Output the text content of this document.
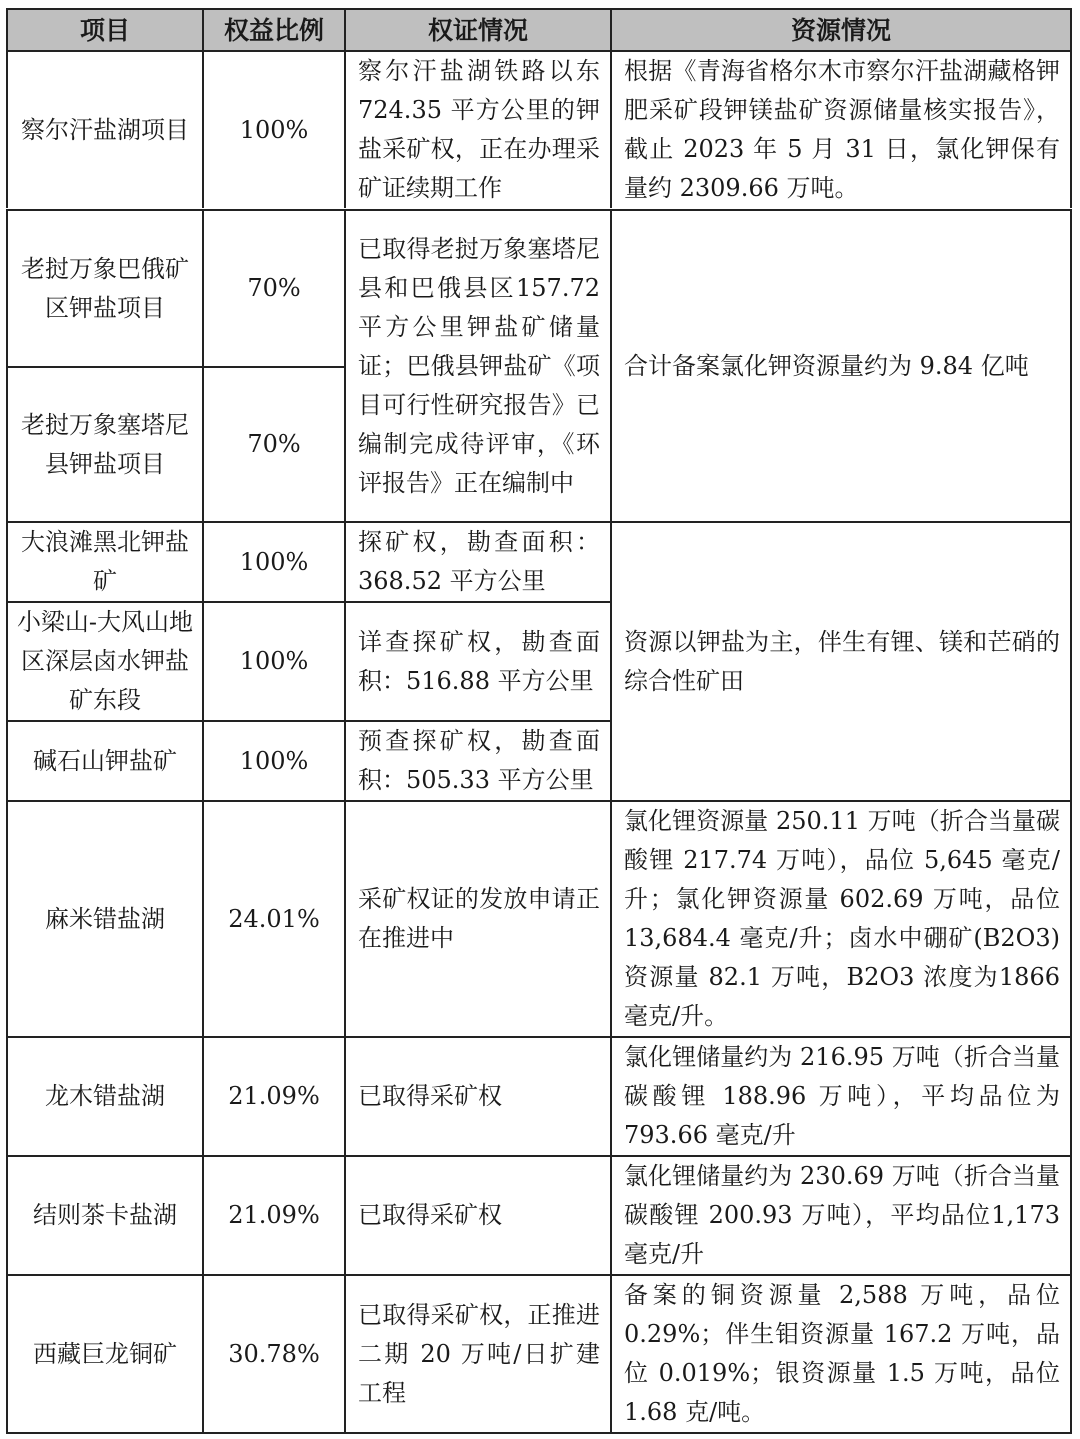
项目	权益比例	权证情况	资源情况
察尔汗盐湖项目	100%	察尔汗盐湖铁路以东724.35 平方公里的钾盐采矿权，正在办理采矿证续期工作	根据《青海省格尔木市察尔汗盐湖藏格钾肥采矿段钾镁盐矿资源储量核实报告》，截止 2023 年 5 月 31 日，氯化钾保有量约 2309.66 万吨。
老挝万象巴俄矿区钾盐项目	70%	已取得老挝万象塞塔尼县和巴俄县区157.72 平方公里钾盐矿储量证；巴俄县钾盐矿《项目可行性研究报告》已编制完成待评审，《环评报告》正在编制中	合计备案氯化钾资源量约为 9.84 亿吨
老挝万象塞塔尼县钾盐项目	70%		
大浪滩黑北钾盐矿	100%	探矿权，勘查面积：368.52 平方公里	资源以钾盐为主，伴生有锂、镁和芒硝的综合性矿田
小梁山-大风山地区深层卤水钾盐矿东段	100%	详查探矿权，勘查面积：516.88 平方公里	
碱石山钾盐矿	100%	预查探矿权，勘查面积：505.33 平方公里	
麻米错盐湖	24.01%	采矿权证的发放申请正在推进中	氯化锂资源量 250.11 万吨（折合当量碳酸锂 217.74 万吨），品位 5,645 毫克/升；氯化钾资源量 602.69 万吨，品位 13,684.4 毫克/升；卤水中硼矿(B2O3)资源量 82.1 万吨，B2O3 浓度为1866 毫克/升。
龙木错盐湖	21.09%	已取得采矿权	氯化锂储量约为 216.95 万吨（折合当量碳酸锂 188.96 万吨），平均品位为793.66 毫克/升
结则茶卡盐湖	21.09%	已取得采矿权	氯化锂储量约为 230.69 万吨（折合当量碳酸锂 200.93 万吨），平均品位1,173 毫克/升
西藏巨龙铜矿	30.78%	已取得采矿权，正推进二期 20 万吨/日扩建工程	备案的铜资源量 2,588 万吨，品位0.29%；伴生钼资源量 167.2 万吨，品位 0.019%；银资源量 1.5 万吨，品位1.68 克/吨。
